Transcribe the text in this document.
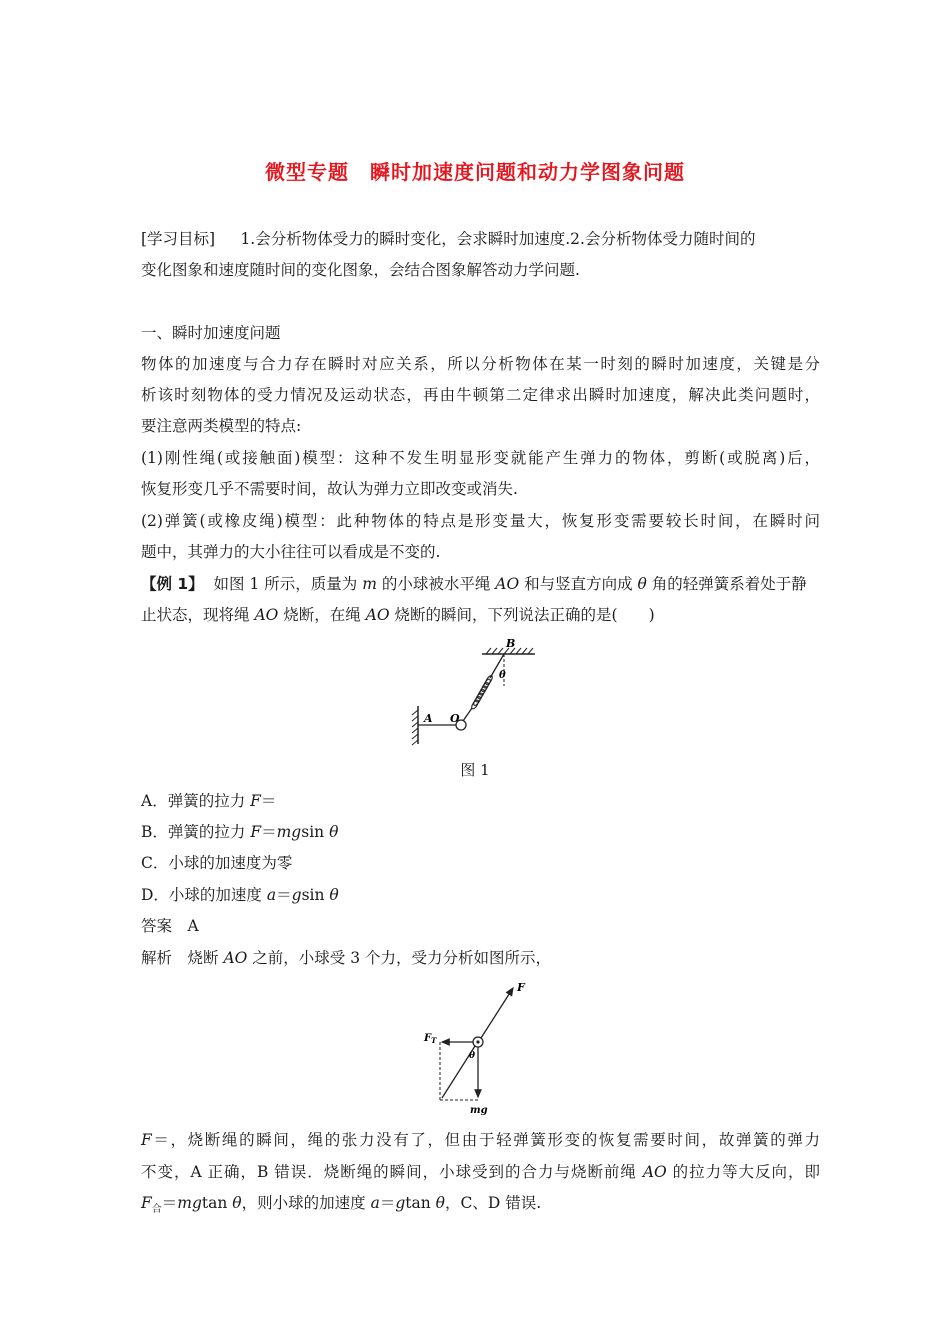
微型专题　瞬时加速度问题和动力学图象问题
[学习目标]　  1.会分析物体受力的瞬时变化，会求瞬时加速度.2.会分析物体受力随时间的
变化图象和速度随时间的变化图象，会结合图象解答动力学问题.
一、瞬时加速度问题
物体的加速度与合力存在瞬时对应关系，所以分析物体在某一时刻的瞬时加速度，关键是分
析该时刻物体的受力情况及运动状态，再由牛顿第二定律求出瞬时加速度，解决此类问题时，
要注意两类模型的特点:
(1)刚性绳(或接触面)模型：这种不发生明显形变就能产生弹力的物体，剪断(或脱离)后，
恢复形变几乎不需要时间，故认为弹力立即改变或消失.
(2)弹簧(或橡皮绳)模型：此种物体的特点是形变量大，恢复形变需要较长时间，在瞬时问
题中，其弹力的大小往往可以看成是不变的.
【例 1】  如图 1 所示，质量为 m 的小球被水平绳 AO 和与竖直方向成 θ 角的轻弹簧系着处于静
止状态，现将绳 AO 烧断，在绳 AO 烧断的瞬间，下列说法正确的是(　　)
B
θ
A O
图 1
A．弹簧的拉力 F＝
B．弹簧的拉力 F＝mgsin θ
C．小球的加速度为零
D．小球的加速度 a＝gsin θ
答案　 A
解析　 烧断 AO 之前，小球受 3 个力，受力分析如图所示，
F
$F_T$
θ
mg
F＝，烧断绳的瞬间，绳的张力没有了，但由于轻弹簧形变的恢复需要时间，故弹簧的弹力
不变，A 正确，B 错误．烧断绳的瞬间，小球受到的合力与烧断前绳 AO 的拉力等大反向，即
$F_合=mgtan$ θ，则小球的加速度 a＝gtan θ，C、D 错误.
